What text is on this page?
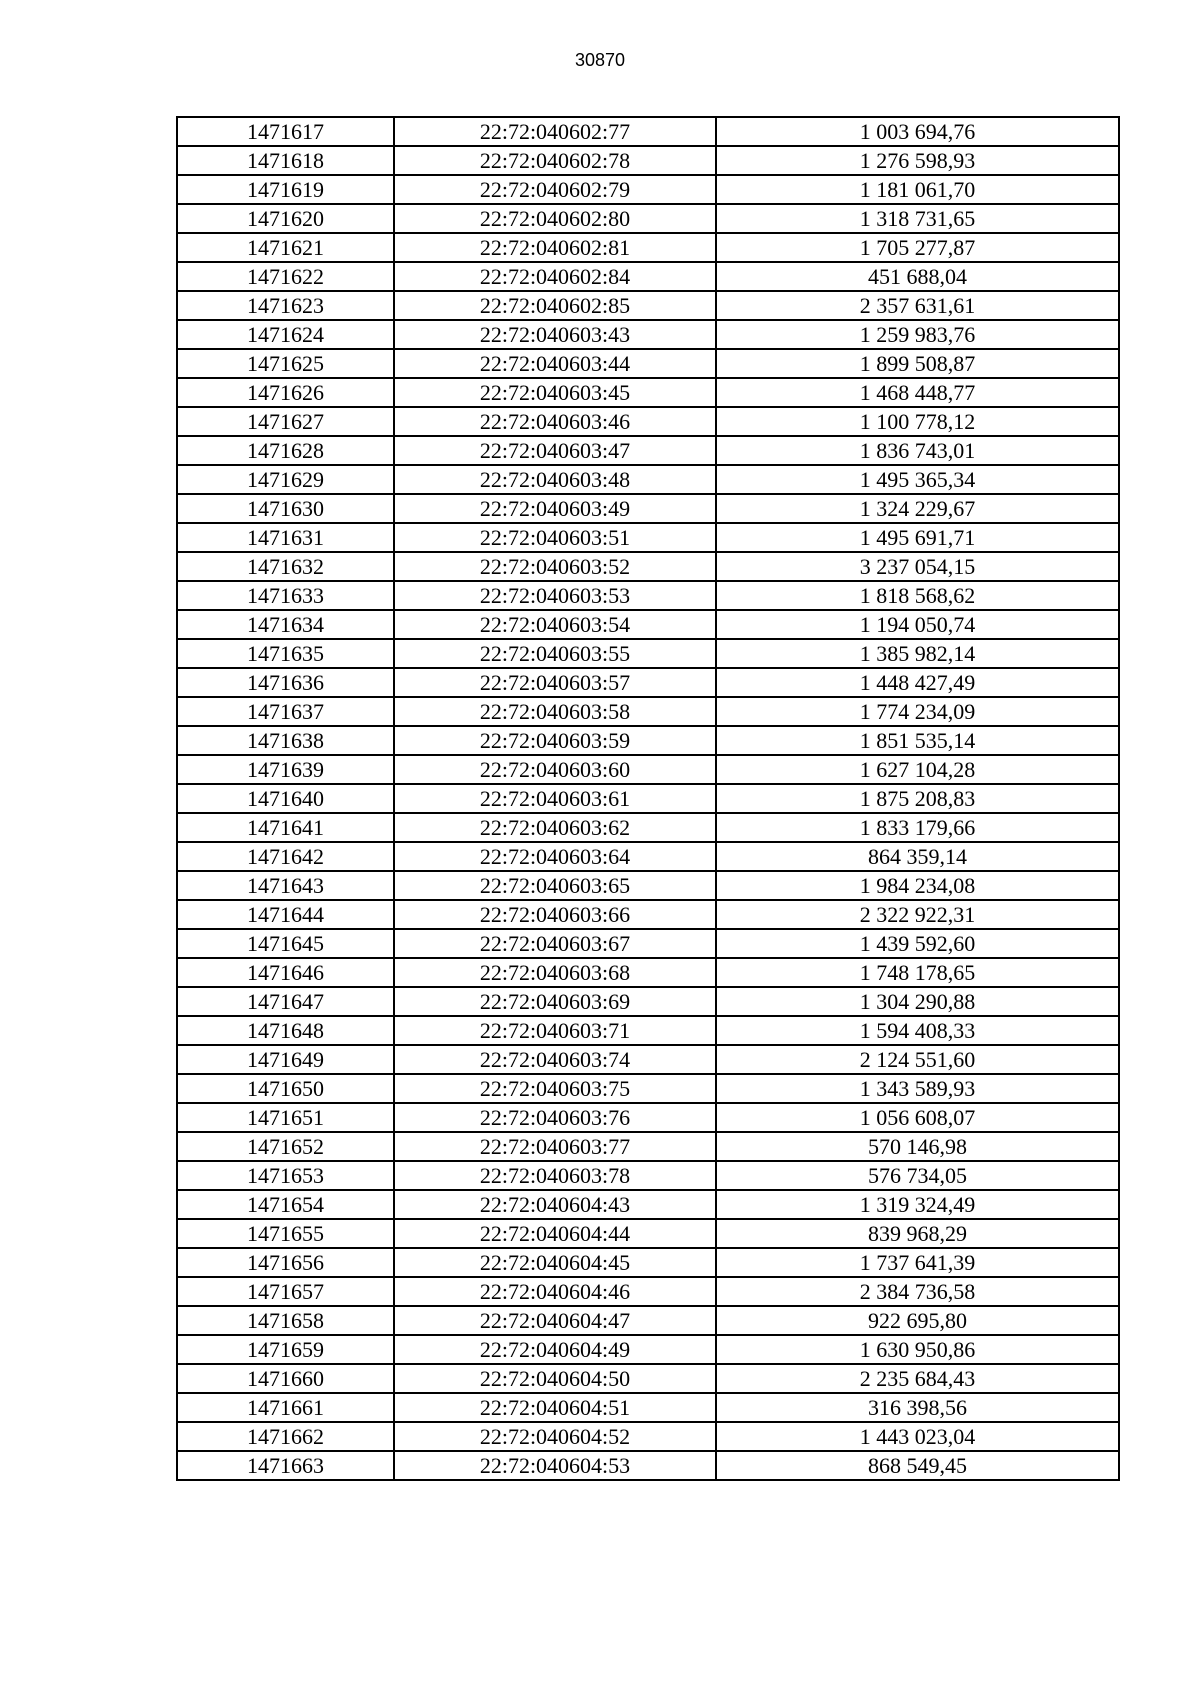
30870
1471617	22:72:040602:77	1 003 694,76
1471618	22:72:040602:78	1 276 598,93
1471619	22:72:040602:79	1 181 061,70
1471620	22:72:040602:80	1 318 731,65
1471621	22:72:040602:81	1 705 277,87
1471622	22:72:040602:84	451 688,04
1471623	22:72:040602:85	2 357 631,61
1471624	22:72:040603:43	1 259 983,76
1471625	22:72:040603:44	1 899 508,87
1471626	22:72:040603:45	1 468 448,77
1471627	22:72:040603:46	1 100 778,12
1471628	22:72:040603:47	1 836 743,01
1471629	22:72:040603:48	1 495 365,34
1471630	22:72:040603:49	1 324 229,67
1471631	22:72:040603:51	1 495 691,71
1471632	22:72:040603:52	3 237 054,15
1471633	22:72:040603:53	1 818 568,62
1471634	22:72:040603:54	1 194 050,74
1471635	22:72:040603:55	1 385 982,14
1471636	22:72:040603:57	1 448 427,49
1471637	22:72:040603:58	1 774 234,09
1471638	22:72:040603:59	1 851 535,14
1471639	22:72:040603:60	1 627 104,28
1471640	22:72:040603:61	1 875 208,83
1471641	22:72:040603:62	1 833 179,66
1471642	22:72:040603:64	864 359,14
1471643	22:72:040603:65	1 984 234,08
1471644	22:72:040603:66	2 322 922,31
1471645	22:72:040603:67	1 439 592,60
1471646	22:72:040603:68	1 748 178,65
1471647	22:72:040603:69	1 304 290,88
1471648	22:72:040603:71	1 594 408,33
1471649	22:72:040603:74	2 124 551,60
1471650	22:72:040603:75	1 343 589,93
1471651	22:72:040603:76	1 056 608,07
1471652	22:72:040603:77	570 146,98
1471653	22:72:040603:78	576 734,05
1471654	22:72:040604:43	1 319 324,49
1471655	22:72:040604:44	839 968,29
1471656	22:72:040604:45	1 737 641,39
1471657	22:72:040604:46	2 384 736,58
1471658	22:72:040604:47	922 695,80
1471659	22:72:040604:49	1 630 950,86
1471660	22:72:040604:50	2 235 684,43
1471661	22:72:040604:51	316 398,56
1471662	22:72:040604:52	1 443 023,04
1471663	22:72:040604:53	868 549,45
